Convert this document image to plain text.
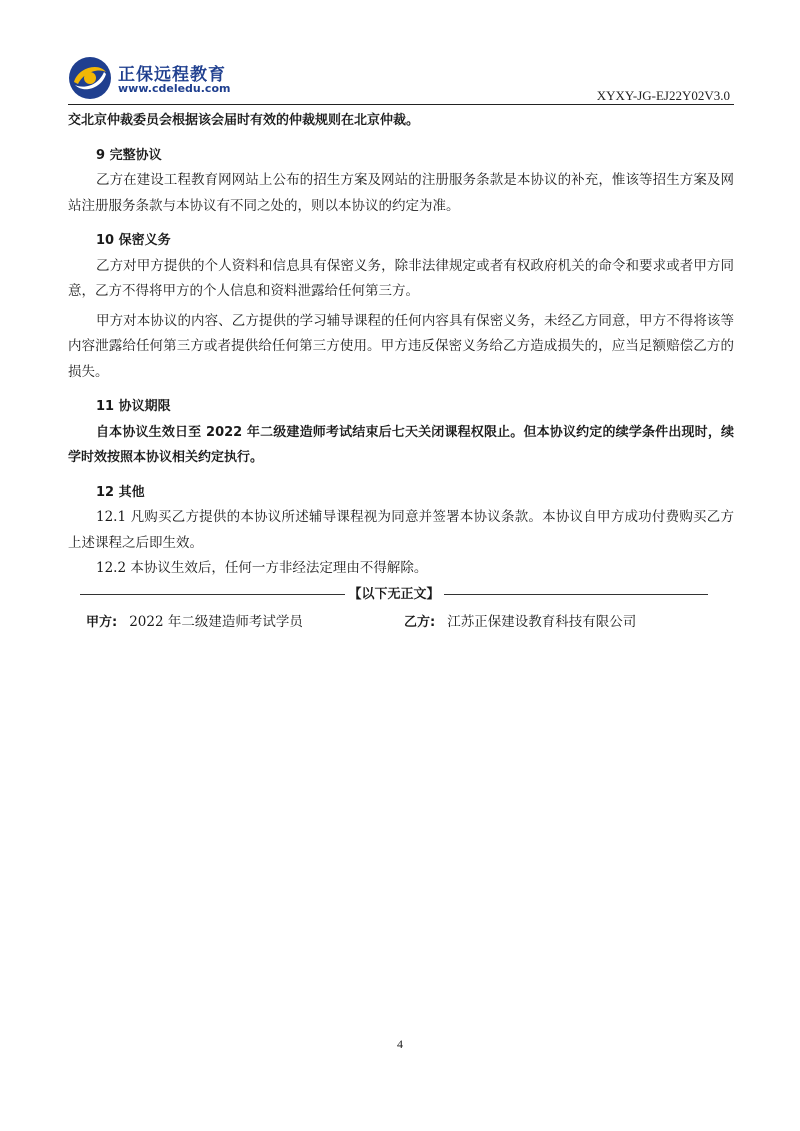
正保远程教育
www.cdeledu.com	XYXY-JG-EJ22Y02V3.0

交北京仲裁委员会根据该会届时有效的仲裁规则在北京仲裁。

9 完整协议

乙方在建设工程教育网网站上公布的招生方案及网站的注册服务条款是本协议的补充，惟该等招生方案及网站注册服务条款与本协议有不同之处的，则以本协议的约定为准。

10 保密义务

乙方对甲方提供的个人资料和信息具有保密义务，除非法律规定或者有权政府机关的命令和要求或者甲方同意，乙方不得将甲方的个人信息和资料泄露给任何第三方。

甲方对本协议的内容、乙方提供的学习辅导课程的任何内容具有保密义务，未经乙方同意，甲方不得将该等内容泄露给任何第三方或者提供给任何第三方使用。甲方违反保密义务给乙方造成损失的，应当足额赔偿乙方的损失。

11 协议期限

自本协议生效日至 2022 年二级建造师考试结束后七天关闭课程权限止。但本协议约定的续学条件出现时，续学时效按照本协议相关约定执行。

12 其他

12.1 凡购买乙方提供的本协议所述辅导课程视为同意并签署本协议条款。本协议自甲方成功付费购买乙方上述课程之后即生效。

12.2 本协议生效后，任何一方非经法定理由不得解除。

【以下无正文】
甲方: 2022 年二级建造师考试学员	乙方: 江苏正保建设教育科技有限公司
4
